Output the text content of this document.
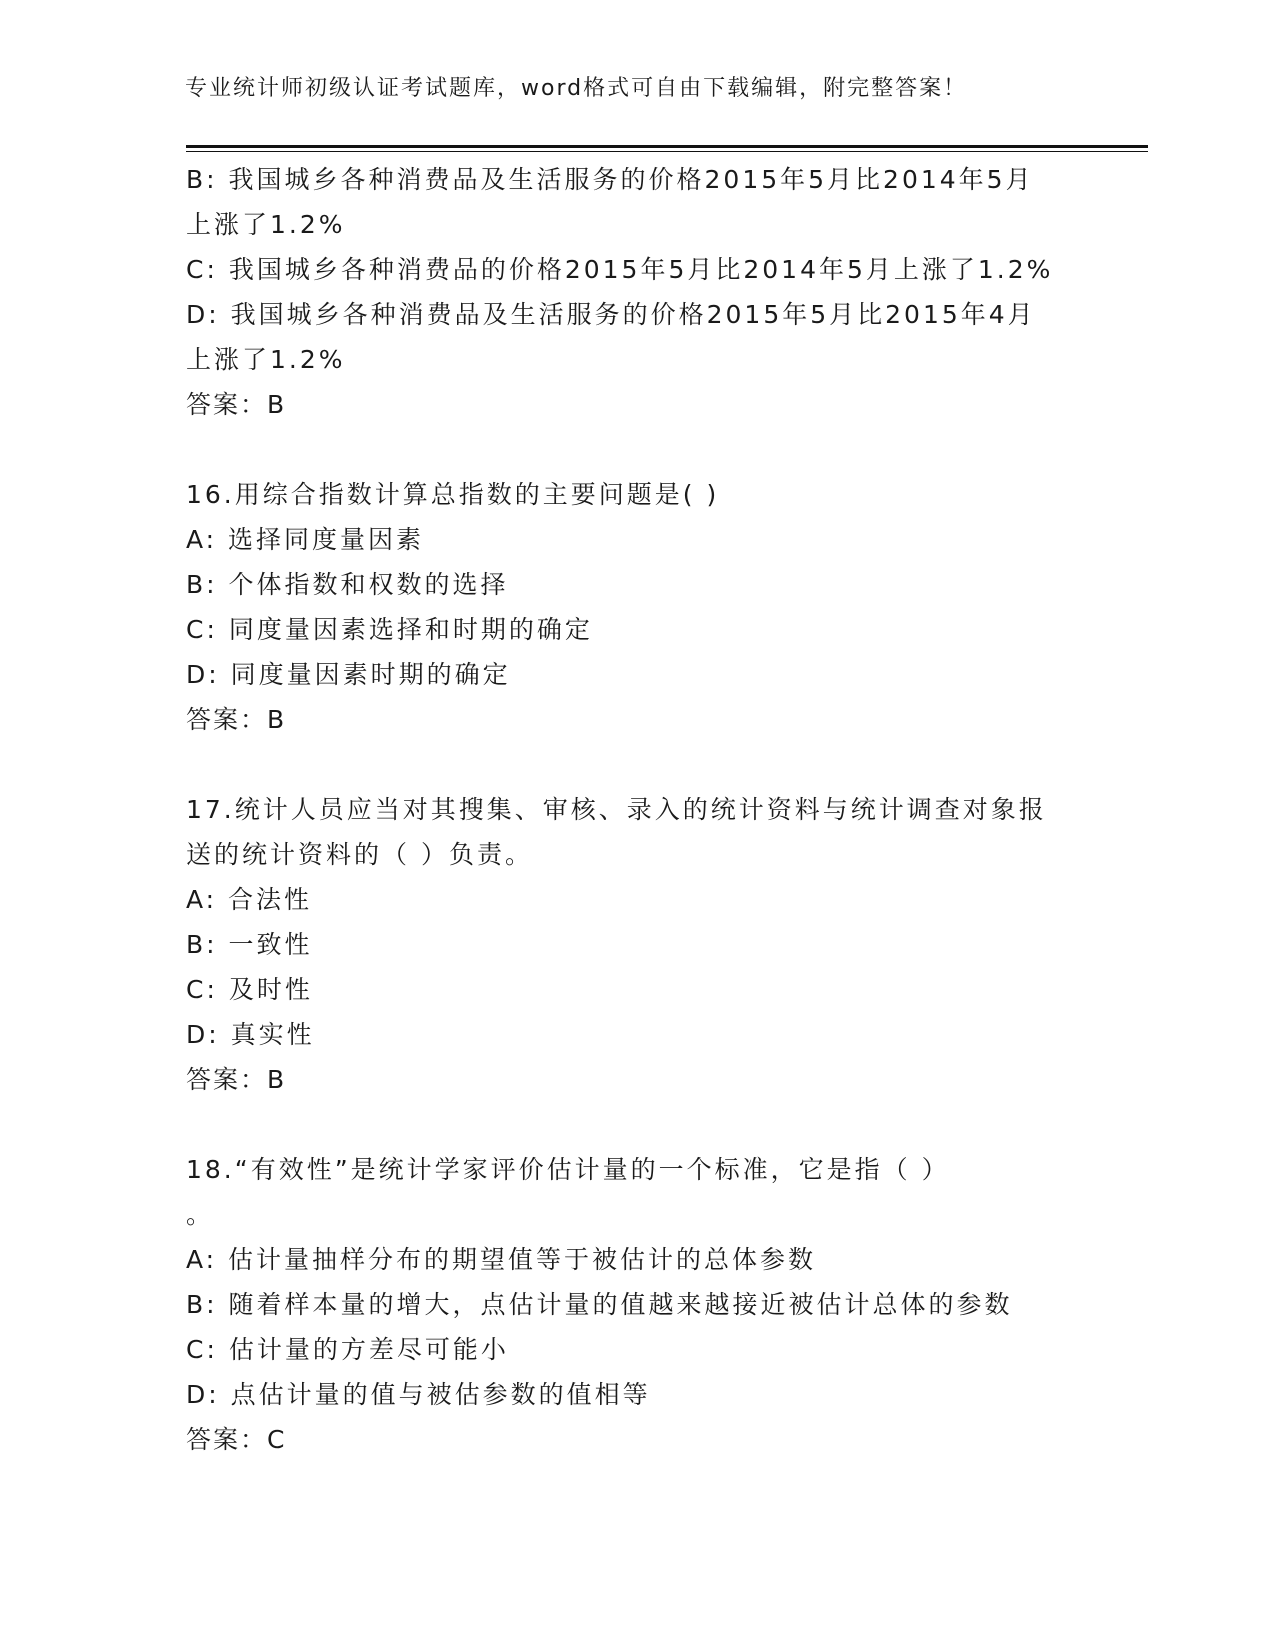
专业统计师初级认证考试题库，word格式可自由下载编辑，附完整答案！
B: 我国城乡各种消费品及生活服务的价格2015年5月比2014年5月
上涨了1.2%
C: 我国城乡各种消费品的价格2015年5月比2014年5月上涨了1.2%
D: 我国城乡各种消费品及生活服务的价格2015年5月比2015年4月
上涨了1.2%
答案：B
16.用综合指数计算总指数的主要问题是( )
A: 选择同度量因素
B: 个体指数和权数的选择
C: 同度量因素选择和时期的确定
D: 同度量因素时期的确定
答案：B
17.统计人员应当对其搜集、审核、录入的统计资料与统计调查对象报
送的统计资料的（ ）负责。
A: 合法性
B: 一致性
C: 及时性
D: 真实性
答案：B
18.“有效性”是统计学家评价估计量的一个标准，它是指（ ）
。
A: 估计量抽样分布的期望值等于被估计的总体参数
B: 随着样本量的增大，点估计量的值越来越接近被估计总体的参数
C: 估计量的方差尽可能小
D: 点估计量的值与被估参数的值相等
答案：C
